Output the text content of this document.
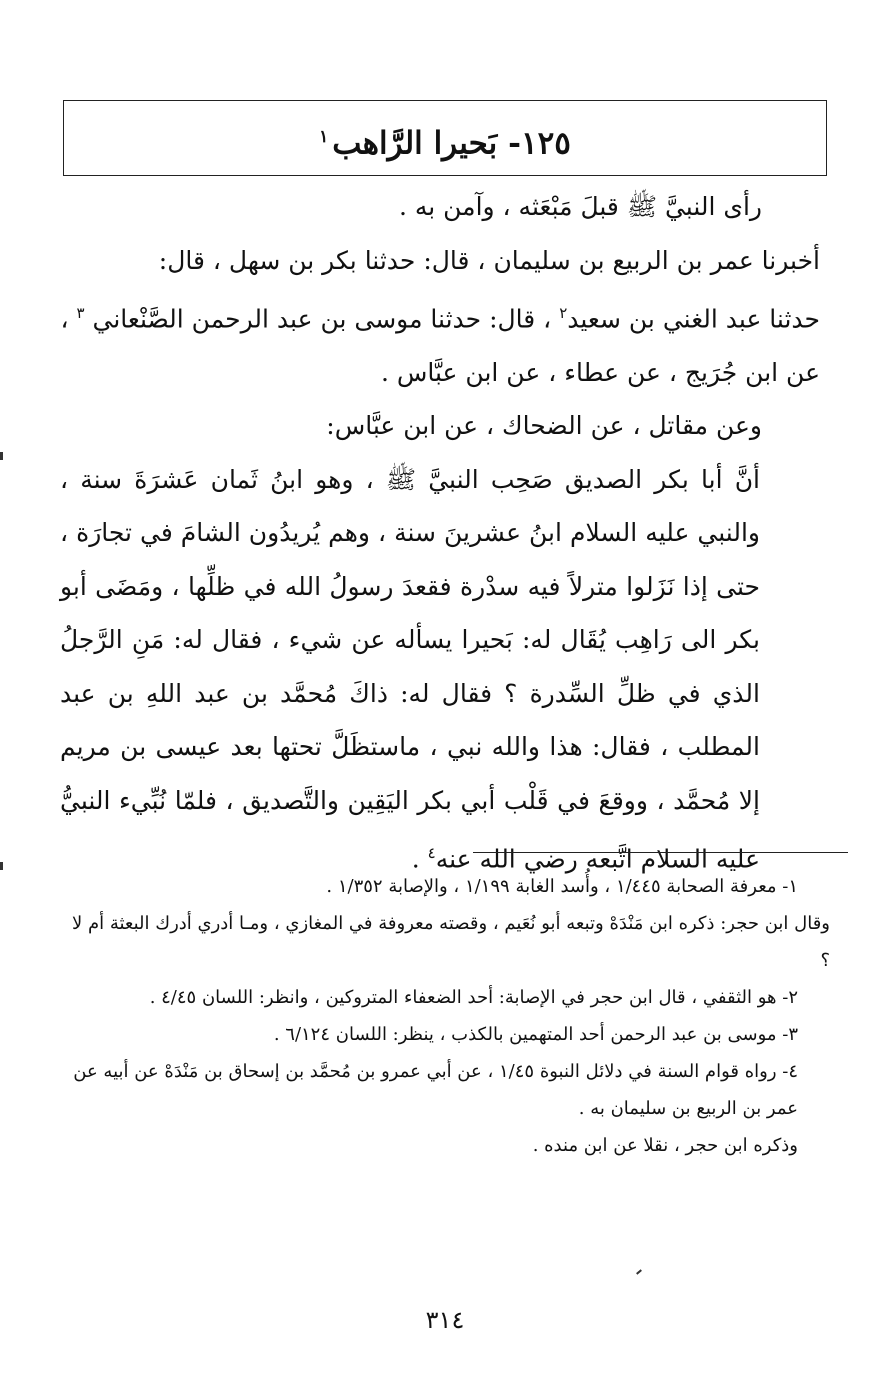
١٢٥- بَحيرا الرَّاهب$^١$

رأى النبيَّ ﷺ قبلَ مَبْعَثه ، وآمن به .

أخبرنا عمر بن الربيع بن سليمان ، قال: حدثنا بكر بن سهل ، قال:

حدثنا عبد الغني بن سعيد$^٢$ ، قال: حدثنا موسى بن عبد الرحمن الصَّنْعاني $^٣$ ،

عن ابن جُرَيج ، عن عطاء ، عن ابن عبَّاس .

وعن مقاتل ، عن الضحاك ، عن ابن عبَّاس:

أنَّ أبا بكر الصديق صَحِب النبيَّ ﷺ ، وهو ابنُ ثَمان عَشرَةَ سنة ، والنبي عليه السلام ابنُ عشرينَ سنة ، وهم يُريدُون الشامَ في تجارَة ، حتى إذا نَزَلوا مترلاً فيه سدْرة فقعدَ رسولُ الله في ظلِّها ، ومَضَى أبو بكر الى رَاهِب يُقَال له: بَحيرا يسأله عن شيء ، فقال له: مَنِ الرَّجلُ الذي في ظلِّ السِّدرة ؟ فقال له: ذاكَ مُحمَّد بن عبد اللهِ بن عبد المطلب ، فقال: هذا والله نبي ، ماستظَلَّ تحتها بعد عيسى بن مريم إلا مُحمَّد ، ووقعَ في قَلْب أبي بكر اليَقِين والتَّصديق ، فلمّا نُبِّيء النبيُّ عليه السلام اتَّبعه رضي الله عنه$^٤$ .

١- معرفة الصحابة ١/٤٤٥ ، وأُسد الغابة ١/١٩٩ ، والإصابة ١/٣٥٢ .

وقال ابن حجر: ذكره ابن مَنْدَهْ وتبعه أبو نُعَيم ، وقصته معروفة في المغازي ، ومـا أدري أدرك البعثة أم لا ؟

٢- هو الثقفي ، قال ابن حجر في الإصابة: أحد الضعفاء المتروكين ، وانظر: اللسان ٤/٤٥ .

٣- موسى بن عبد الرحمن أحد المتهمين بالكذب ، ينظر: اللسان ٦/١٢٤ .

٤- رواه قوام السنة في دلائل النبوة ١/٤٥ ، عن أبي عمرو بن مُحمَّد بن إسحاق بن مَنْدَهْ عن أبيه عن عمر بن الربيع بن سليمان به .

وذكره ابن حجر ، نقلا عن ابن منده .

٣١٤
